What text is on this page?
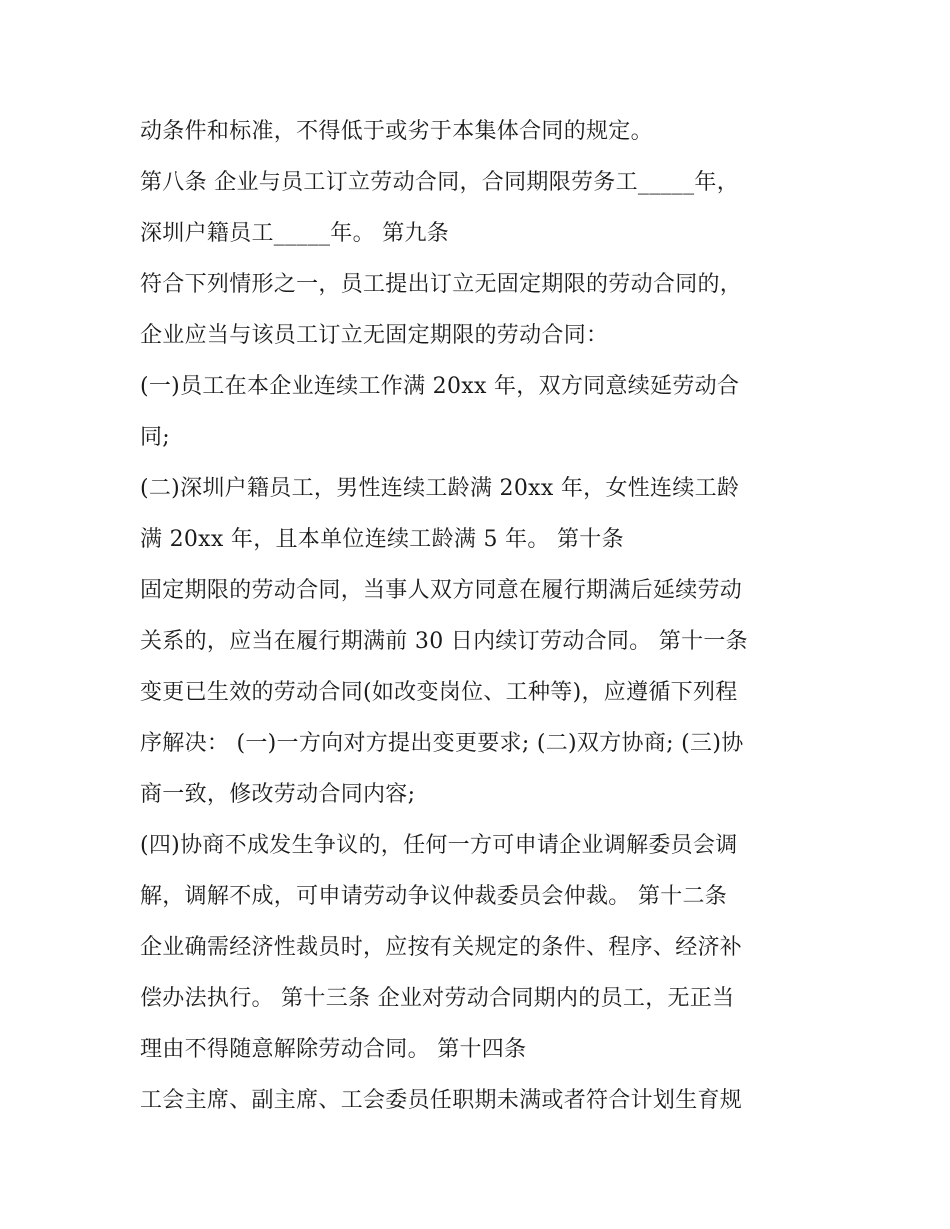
动条件和标准，不得低于或劣于本集体合同的规定。
第八条 企业与员工订立劳动合同，合同期限劳务工_____年，
深圳户籍员工_____年。 第九条
符合下列情形之一，员工提出订立无固定期限的劳动合同的，
企业应当与该员工订立无固定期限的劳动合同：
(一)员工在本企业连续工作满 20xx 年，双方同意续延劳动合
同;
(二)深圳户籍员工，男性连续工龄满 20xx 年，女性连续工龄
满 20xx 年，且本单位连续工龄满 5 年。 第十条
固定期限的劳动合同，当事人双方同意在履行期满后延续劳动
关系的，应当在履行期满前 30 日内续订劳动合同。 第十一条
变更已生效的劳动合同(如改变岗位、工种等)，应遵循下列程
序解决： (一)一方向对方提出变更要求; (二)双方协商; (三)协
商一致，修改劳动合同内容;
(四)协商不成发生争议的，任何一方可申请企业调解委员会调
解，调解不成，可申请劳动争议仲裁委员会仲裁。 第十二条
企业确需经济性裁员时，应按有关规定的条件、程序、经济补
偿办法执行。 第十三条 企业对劳动合同期内的员工，无正当
理由不得随意解除劳动合同。 第十四条
工会主席、副主席、工会委员任职期未满或者符合计划生育规
